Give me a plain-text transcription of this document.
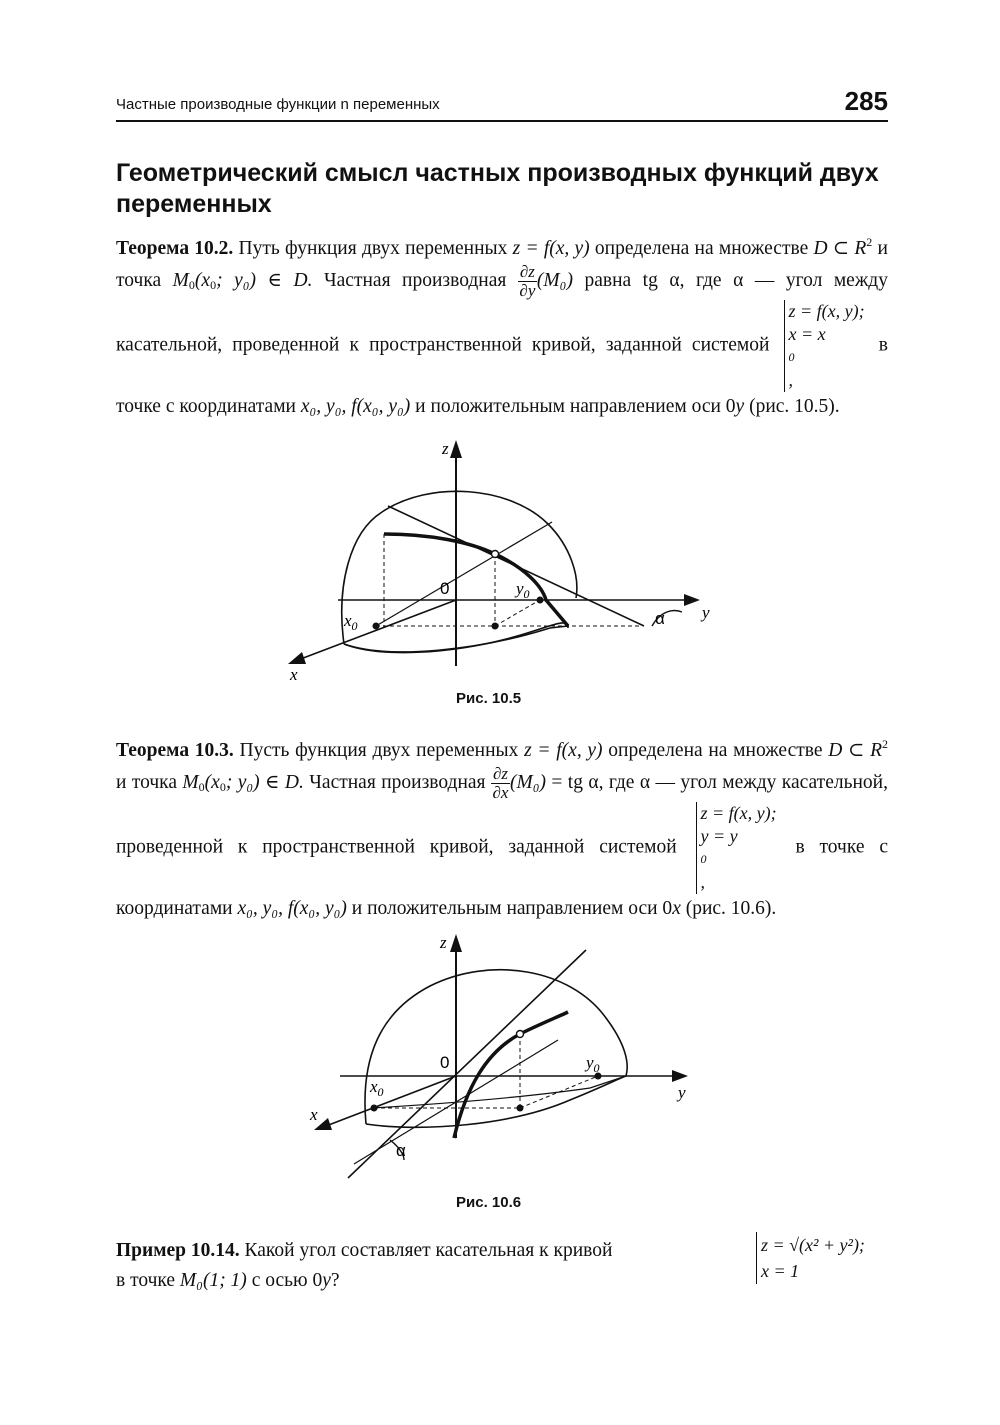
Частные производные функции n переменных	285
Геометрический смысл частных производных функций двух переменных
Теорема 10.2. Путь функция двух переменных z = f(x, y) определена на множестве D ⊂ $R^2$ и точка $M_0(x_0$; y₀) ∈ D. Частная производная $\frac{\partial z}{\partial y} (M_0)$ равна tg α, где α — угол между касательной, проведенной к пространственной кривой, заданной системой
z = f(x, y);
x = x
0
,
в точке с координатами x₀, y₀, f(x₀, y₀) и положительным направлением оси 0y (рис. 10.5).
z
y
x
α
0
$x_0$
$y_0$
Рис. 10.5
Теорема 10.3. Пусть функция двух переменных z = f(x, y) определена на множестве D ⊂ $R^2$ и точка $M_0(x_0$; y₀) ∈ D. Частная производная $\frac{\partial z}{\partial x} (M_0)$ = tg α, где α — угол между касательной, проведенной к пространственной кривой, заданной системой
z = f(x, y);
y = y
0
,
в точке с координатами x₀, y₀, f(x₀, y₀) и положительным направлением оси 0x (рис. 10.6).
z
y
x
α
0
$x_0$
$y_0$
Рис. 10.6
Пример 10.14. Какой угол составляет касательная к кривой
в точке M₀(1; 1) с осью 0y?
z = √(x² + y²);
x = 1
